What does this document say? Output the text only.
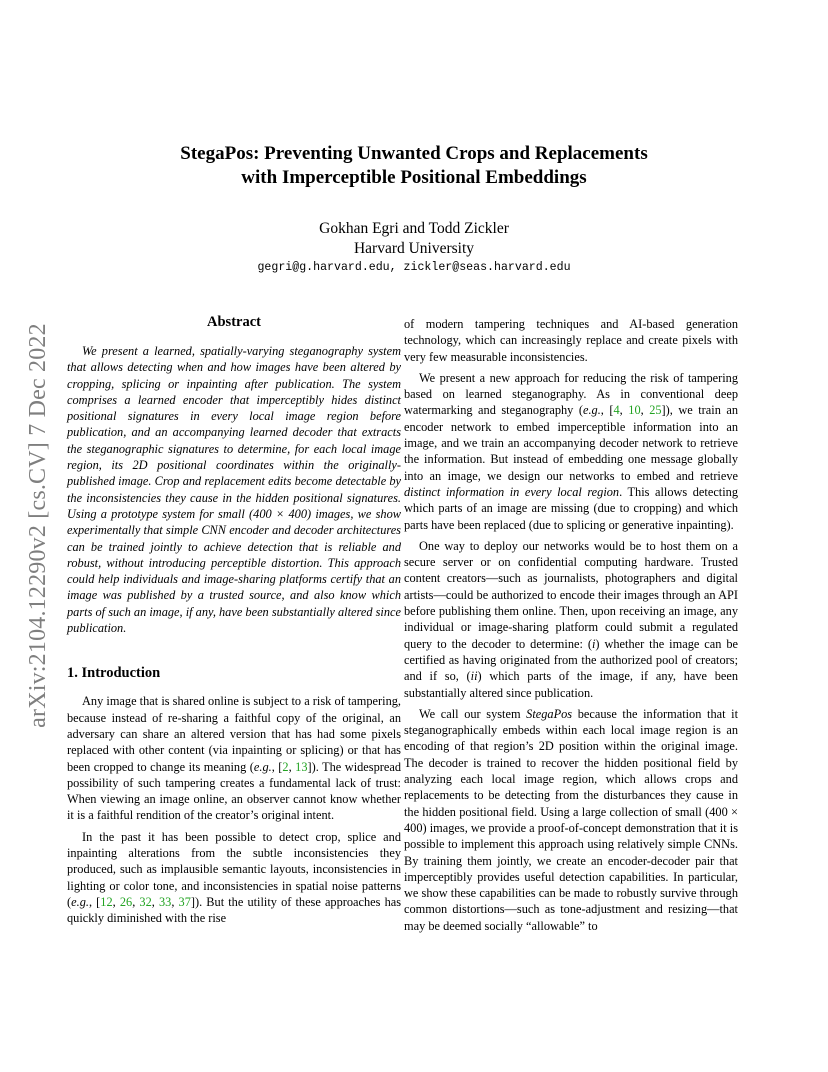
arXiv:2104.12290v2 [cs.CV] 7 Dec 2022
StegaPos: Preventing Unwanted Crops and Replacements
with Imperceptible Positional Embeddings
Gokhan Egri and Todd Zickler
Harvard University
gegri@g.harvard.edu, zickler@seas.harvard.edu
Abstract

We present a learned, spatially-varying steganography system that allows detecting when and how images have been altered by cropping, splicing or inpainting after publication. The system comprises a learned encoder that imperceptibly hides distinct positional signatures in every local image region before publication, and an accompanying learned decoder that extracts the steganographic signatures to determine, for each local image region, its 2D positional coordinates within the originally-published image. Crop and replacement edits become detectable by the inconsistencies they cause in the hidden positional signatures. Using a prototype system for small (400 × 400) images, we show experimentally that simple CNN encoder and decoder architectures can be trained jointly to achieve detection that is reliable and robust, without introducing perceptible distortion. This approach could help individuals and image-sharing platforms certify that an image was published by a trusted source, and also know which parts of such an image, if any, have been substantially altered since publication.

1. Introduction

Any image that is shared online is subject to a risk of tampering, because instead of re-sharing a faithful copy of the original, an adversary can share an altered version that has had some pixels replaced with other content (via inpainting or splicing) or that has been cropped to change its meaning (e.g., [2, 13]). The widespread possibility of such tampering creates a fundamental lack of trust: When viewing an image online, an observer cannot know whether it is a faithful rendition of the creator’s original intent.

In the past it has been possible to detect crop, splice and inpainting alterations from the subtle inconsistencies they produced, such as implausible semantic layouts, inconsistencies in lighting or color tone, and inconsistencies in spatial noise patterns (e.g., [12, 26, 32, 33, 37]). But the utility of these approaches has quickly diminished with the rise

of modern tampering techniques and AI-based generation technology, which can increasingly replace and create pixels with very few measurable inconsistencies.

We present a new approach for reducing the risk of tampering based on learned steganography. As in conventional deep watermarking and steganography (e.g., [4, 10, 25]), we train an encoder network to embed imperceptible information into an image, and we train an accompanying decoder network to retrieve the information. But instead of embedding one message globally into an image, we design our networks to embed and retrieve distinct information in every local region. This allows detecting which parts of an image are missing (due to cropping) and which parts have been replaced (due to splicing or generative inpainting).

One way to deploy our networks would be to host them on a secure server or on confidential computing hardware. Trusted content creators—such as journalists, photographers and digital artists—could be authorized to encode their images through an API before publishing them online. Then, upon receiving an image, any individual or image-sharing platform could submit a regulated query to the decoder to determine: (i) whether the image can be certified as having originated from the authorized pool of creators; and if so, (ii) which parts of the image, if any, have been substantially altered since publication.

We call our system StegaPos because the information that it steganographically embeds within each local image region is an encoding of that region’s 2D position within the original image. The decoder is trained to recover the hidden positional field by analyzing each local image region, which allows crops and replacements to be detecting from the disturbances they cause in the hidden positional field. Using a large collection of small (400 × 400) images, we provide a proof-of-concept demonstration that it is possible to implement this approach using relatively simple CNNs. By training them jointly, we create an encoder-decoder pair that imperceptibly provides useful detection capabilities. In particular, we show these capabilities can be made to robustly survive through common distortions—such as tone-adjustment and resizing—that may be deemed socially “allowable” to
